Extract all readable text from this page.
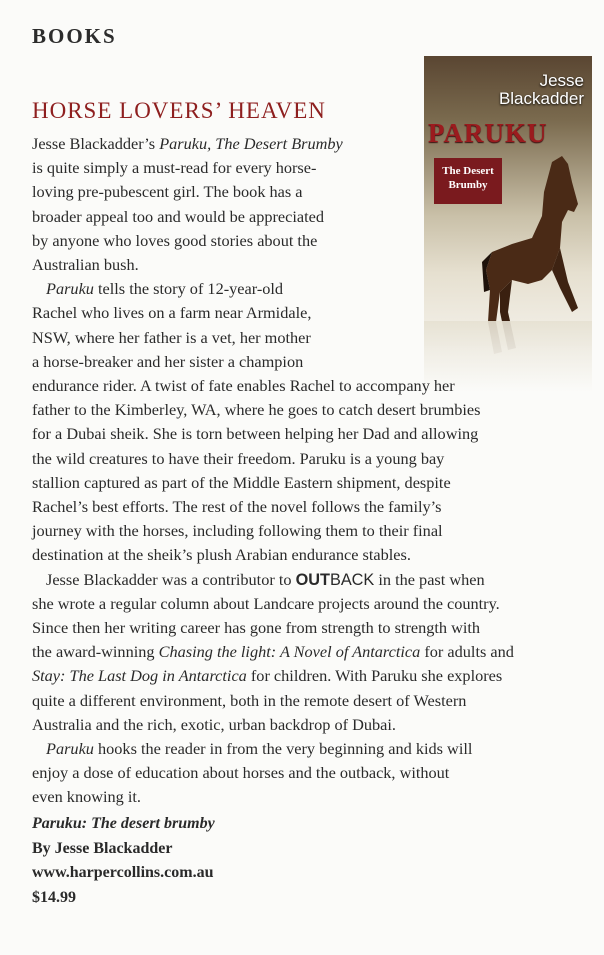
BOOKS
HORSE LOVERS’ HEAVEN
Jesse Blackadder
PARUKU
The Desert Brumby
Jesse Blackadder’s Paruku, The Desert Brumby
is quite simply a must-read for every horse-
loving pre-pubescent girl. The book has a
broader appeal too and would be appreciated
by anyone who loves good stories about the
Australian bush.
Paruku tells the story of 12-year-old
Rachel who lives on a farm near Armidale,
NSW, where her father is a vet, her mother
a horse-breaker and her sister a champion
endurance rider. A twist of fate enables Rachel to accompany her
father to the Kimberley, WA, where he goes to catch desert brumbies
for a Dubai sheik. She is torn between helping her Dad and allowing
the wild creatures to have their freedom. Paruku is a young bay
stallion captured as part of the Middle Eastern shipment, despite
Rachel’s best efforts. The rest of the novel follows the family’s
journey with the horses, including following them to their final
destination at the sheik’s plush Arabian endurance stables.
Jesse Blackadder was a contributor to OUTBACK in the past when
she wrote a regular column about Landcare projects around the country.
Since then her writing career has gone from strength to strength with
the award-winning Chasing the light: A Novel of Antarctica for adults and
Stay: The Last Dog in Antarctica for children. With Paruku she explores
quite a different environment, both in the remote desert of Western
Australia and the rich, exotic, urban backdrop of Dubai.
Paruku hooks the reader in from the very beginning and kids will
enjoy a dose of education about horses and the outback, without
even knowing it.
Paruku: The desert brumby
By Jesse Blackadder
www.harpercollins.com.au
$14.99
